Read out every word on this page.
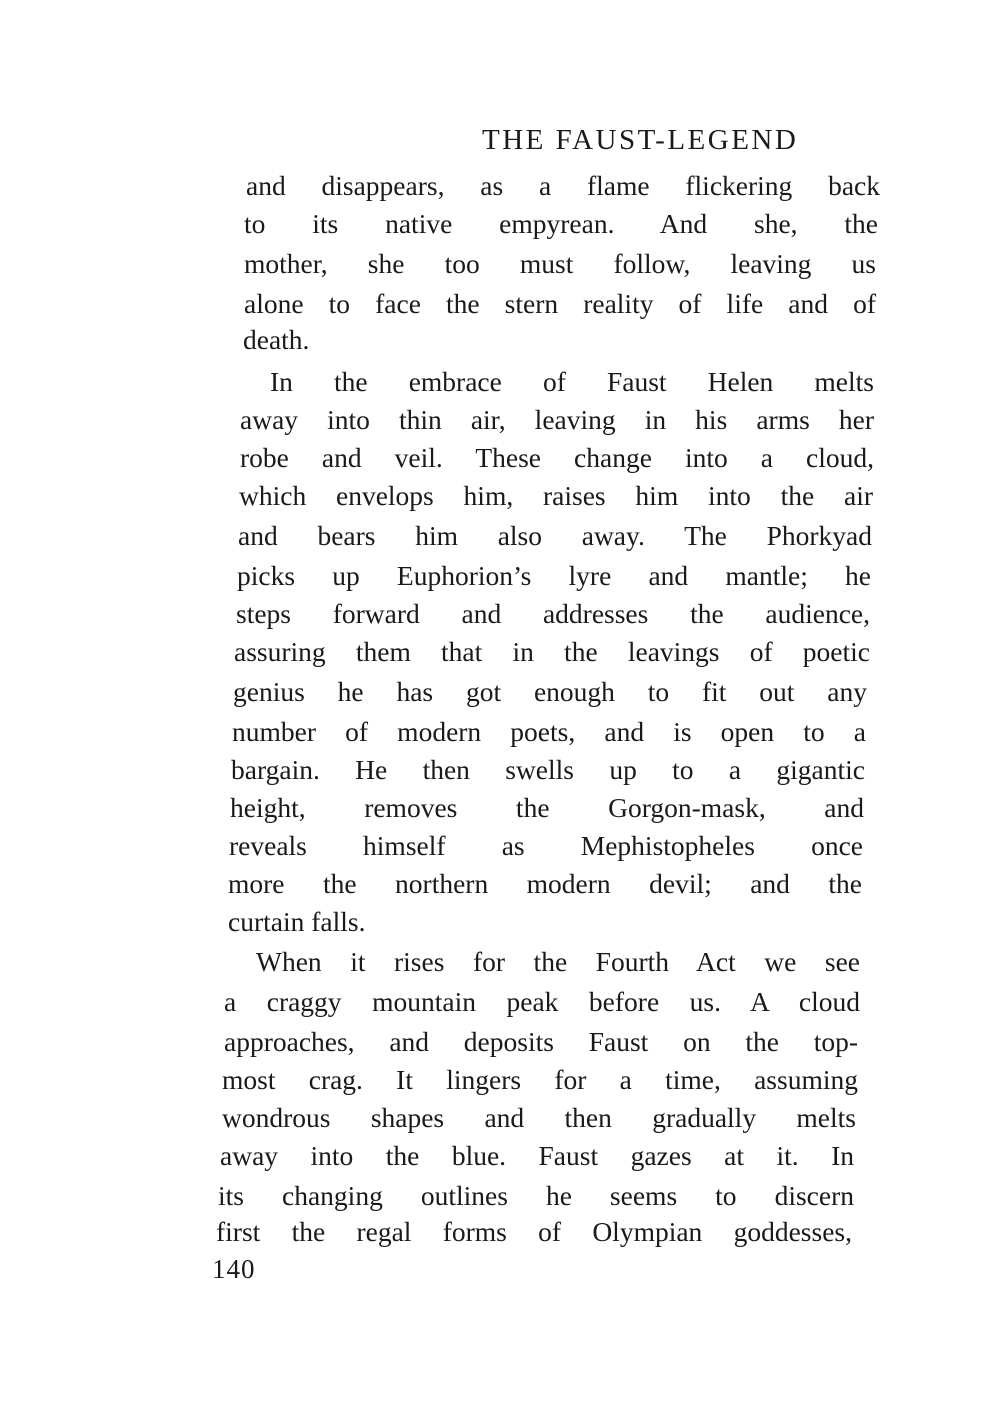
THE FAUST-LEGEND
and disappears, as a flame flickering back
to its native empyrean. And she, the
mother, she too must follow, leaving us
alone to face the stern reality of life and of
death.
In the embrace of Faust Helen melts
away into thin air, leaving in his arms her
robe and veil. These change into a cloud,
which envelops him, raises him into the air
and bears him also away. The Phorkyad
picks up Euphorion’s lyre and mantle; he
steps forward and addresses the audience,
assuring them that in the leavings of poetic
genius he has got enough to fit out any
number of modern poets, and is open to a
bargain. He then swells up to a gigantic
height, removes the Gorgon-mask, and
reveals himself as Mephistopheles once
more the northern modern devil; and the
curtain falls.
When it rises for the Fourth Act we see
a craggy mountain peak before us. A cloud
approaches, and deposits Faust on the top-
most crag. It lingers for a time, assuming
wondrous shapes and then gradually melts
away into the blue. Faust gazes at it. In
its changing outlines he seems to discern
first the regal forms of Olympian goddesses,
140
